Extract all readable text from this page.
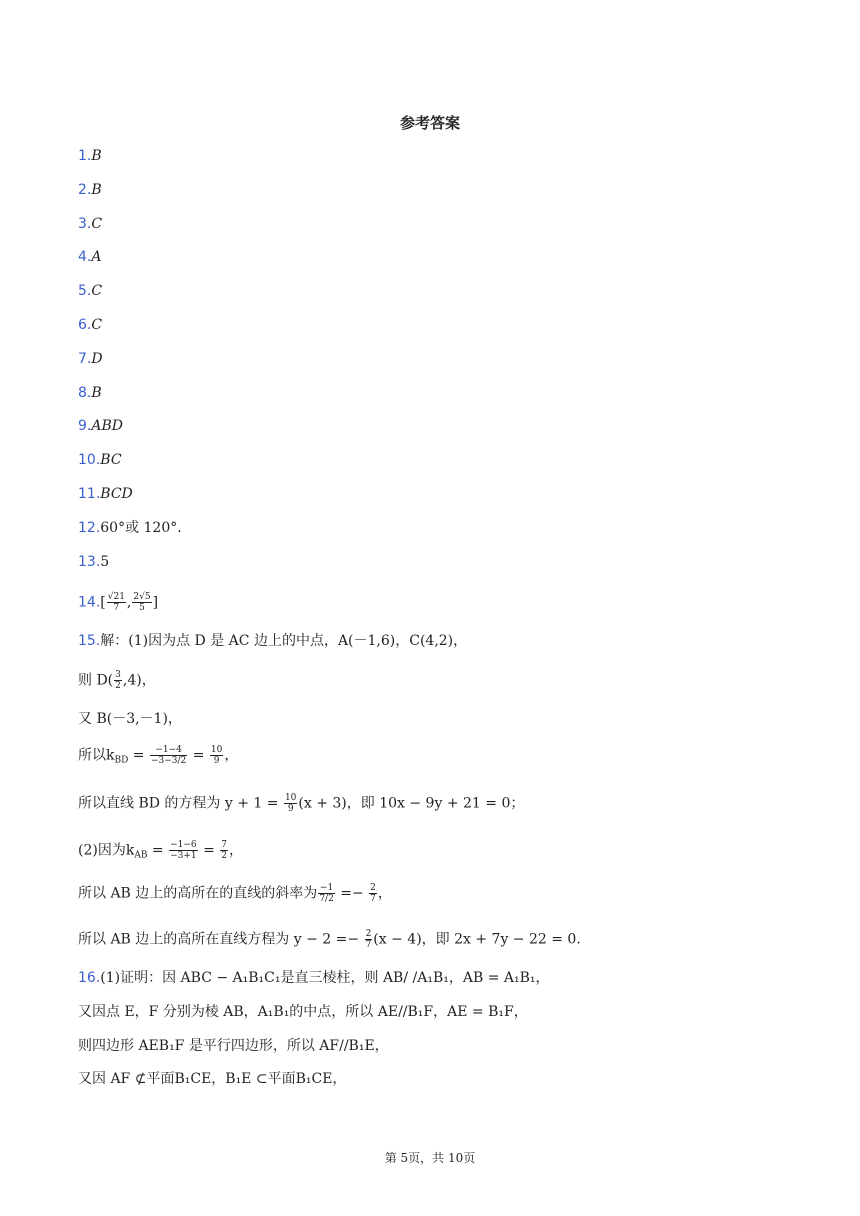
参考答案
1.B
2.B
3.C
4.A
5.C
6.C
7.D
8.B
9.ABD
10.BC
11.BCD
12.60°或 120°.
13.5
$14.[ \frac{√21}{7}$ , $\frac{2√5}{5}$ ]
15.解：(1)因为点 D 是 AC 边上的中点，A(－1,6)，C(4,2)，
则 $D( \frac{3}{2} ,4)$，
又 B(－3,－1)，
所以$k_{BD} = \frac{-1-4}{-3-3/2} = \frac{10}{9}$ ，
所以直线 BD 的方程为 $y + 1 = \frac{10}{9} (x + 3)$，即 10x − 9y + 21 = 0；
(2)因为$k_{AB} = \frac{-1-6}{-3+1} = \frac{7}{2}$ ，
所以 AB 边上的高所在的直线的斜率为 $\frac{-1}{7/2} =- \frac{2}{7}$ ，
所以 AB 边上的高所在直线方程为 $y - 2 =- \frac{2}{7} (x - 4)$，即 2x + 7y − 22 = 0.
16.(1)证明：因 ABC − A₁B₁C₁是直三棱柱，则 AB/ /A₁B₁，AB = A₁B₁，
又因点 E，F 分别为棱 AB，A₁B₁的中点，所以 AE//B₁F，AE = B₁F，
则四边形 AEB₁F 是平行四边形，所以 AF//B₁E，
又因 AF ⊄平面B₁CE，B₁E ⊂平面B₁CE，
第 5页，共 10页
